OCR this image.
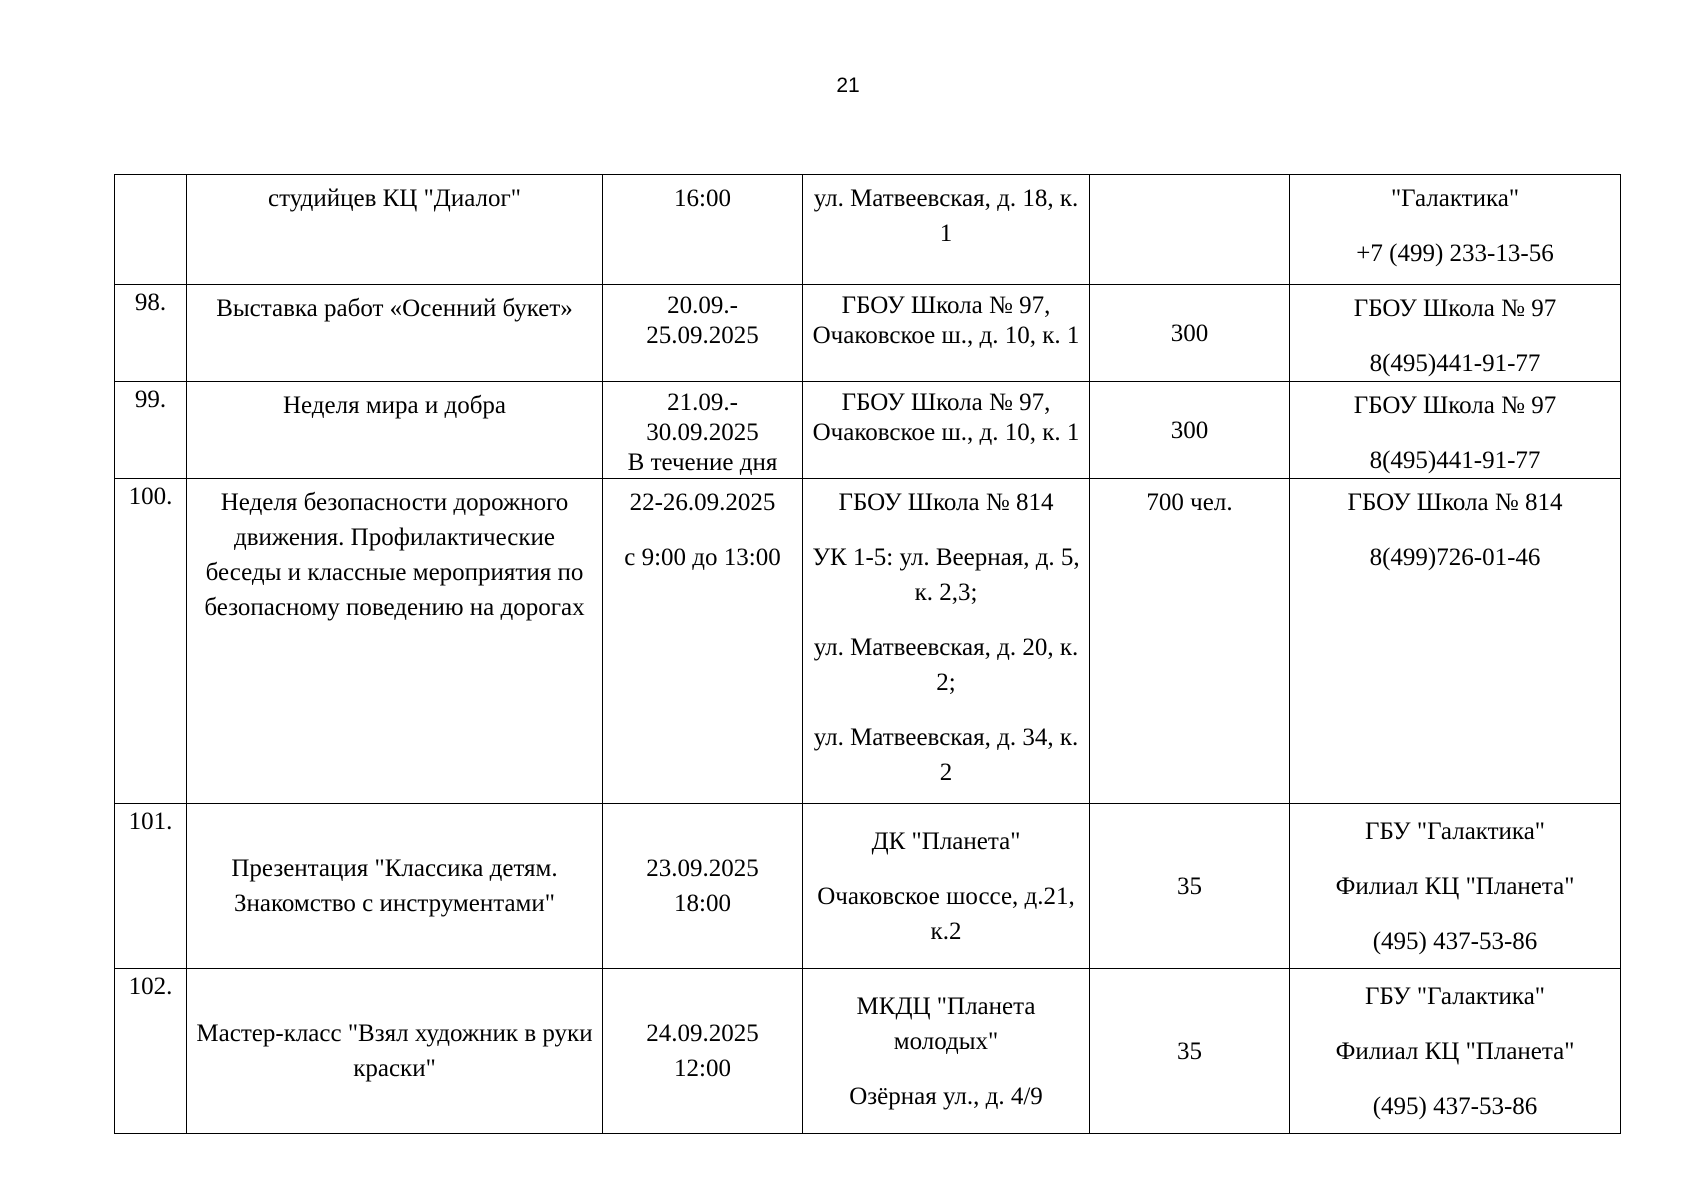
21
	студийцев КЦ "Диалог"	16:00	ул. Матвеевская, д. 18, к. 1		"Галактика"
+7 (499) 233-13-56

98.	Выставка работ «Осенний букет»	20.09.-
25.09.2025	ГБОУ Школа № 97, Очаковское ш., д. 10, к. 1	300	ГБОУ Школа № 97
8(495)441-91-77

99.	Неделя мира и добра	21.09.-
30.09.2025
В течение дня	ГБОУ Школа № 97, Очаковское ш., д. 10, к. 1	300	ГБОУ Школа № 97
8(495)441-91-77

100.	Неделя безопасности дорожного движения. Профилактические беседы и классные мероприятия по безопасному поведению на дорогах	22-26.09.2025
с 9:00 до 13:00	ГБОУ Школа № 814
УК 1-5: ул. Веерная, д. 5, к. 2,3;
ул. Матвеевская, д. 20, к. 2;
ул. Матвеевская, д. 34, к. 2	700 чел.	ГБОУ Школа № 814
8(499)726-01-46

101.	Презентация "Классика детям. Знакомство с инструментами"	23.09.2025
18:00	ДК "Планета"
Очаковское шоссе, д.21, к.2	35	ГБУ "Галактика"
Филиал КЦ "Планета"
(495) 437-53-86

102.	Мастер-класс "Взял художник в руки краски"	24.09.2025
12:00	МКДЦ "Планета молодых"
Озёрная ул., д. 4/9	35	ГБУ "Галактика"
Филиал КЦ "Планета"
(495) 437-53-86
